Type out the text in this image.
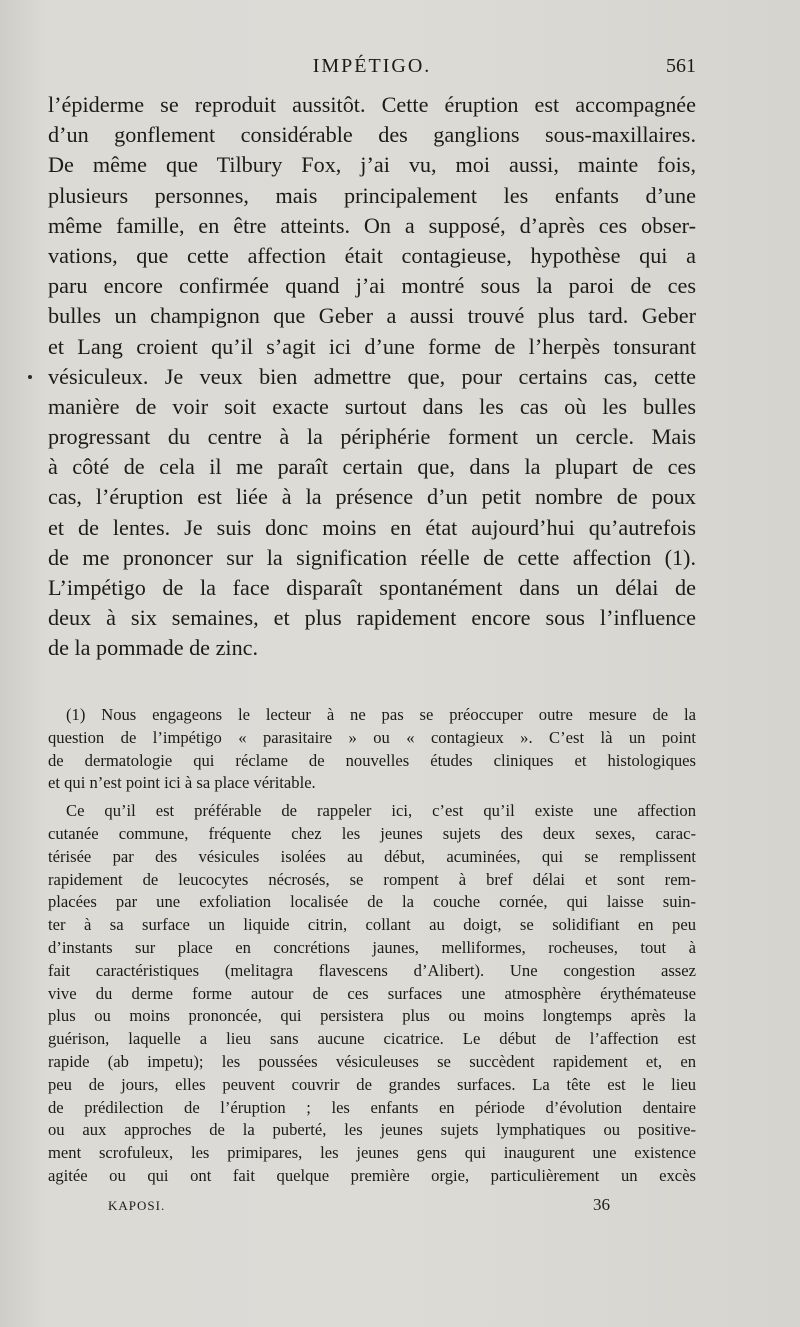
IMPÉTIGO.	561
l’épiderme se reproduit aussitôt. Cette éruption est accompagnée
d’un gonflement considérable des ganglions sous-maxillaires.
De même que Tilbury Fox, j’ai vu, moi aussi, mainte fois,
plusieurs personnes, mais principalement les enfants d’une
même famille, en être atteints. On a supposé, d’après ces obser-
vations, que cette affection était contagieuse, hypothèse qui a
paru encore confirmée quand j’ai montré sous la paroi de ces
bulles un champignon que Geber a aussi trouvé plus tard. Geber
et Lang croient qu’il s’agit ici d’une forme de l’herpès tonsurant
vésiculeux. Je veux bien admettre que, pour certains cas, cette
manière de voir soit exacte surtout dans les cas où les bulles
progressant du centre à la périphérie forment un cercle. Mais
à côté de cela il me paraît certain que, dans la plupart de ces
cas, l’éruption est liée à la présence d’un petit nombre de poux
et de lentes. Je suis donc moins en état aujourd’hui qu’autrefois
de me prononcer sur la signification réelle de cette affection (1).
L’impétigo de la face disparaît spontanément dans un délai de
deux à six semaines, et plus rapidement encore sous l’influence
de la pommade de zinc.
(1) Nous engageons le lecteur à ne pas se préoccuper outre mesure de la
question de l’impétigo « parasitaire » ou « contagieux ». C’est là un point
de dermatologie qui réclame de nouvelles études cliniques et histologiques
et qui n’est point ici à sa place véritable.
Ce qu’il est préférable de rappeler ici, c’est qu’il existe une affection
cutanée commune, fréquente chez les jeunes sujets des deux sexes, carac-
térisée par des vésicules isolées au début, acuminées, qui se remplissent
rapidement de leucocytes nécrosés, se rompent à bref délai et sont rem-
placées par une exfoliation localisée de la couche cornée, qui laisse suin-
ter à sa surface un liquide citrin, collant au doigt, se solidifiant en peu
d’instants sur place en concrétions jaunes, melliformes, rocheuses, tout à
fait caractéristiques (melitagra flavescens d’Alibert). Une congestion assez
vive du derme forme autour de ces surfaces une atmosphère érythémateuse
plus ou moins prononcée, qui persistera plus ou moins longtemps après la
guérison, laquelle a lieu sans aucune cicatrice. Le début de l’affection est
rapide (ab impetu); les poussées vésiculeuses se succèdent rapidement et, en
peu de jours, elles peuvent couvrir de grandes surfaces. La tête est le lieu
de prédilection de l’éruption ; les enfants en période d’évolution dentaire
ou aux approches de la puberté, les jeunes sujets lymphatiques ou positive-
ment scrofuleux, les primipares, les jeunes gens qui inaugurent une existence
agitée ou qui ont fait quelque première orgie, particulièrement un excès
KAPOSI.	36
